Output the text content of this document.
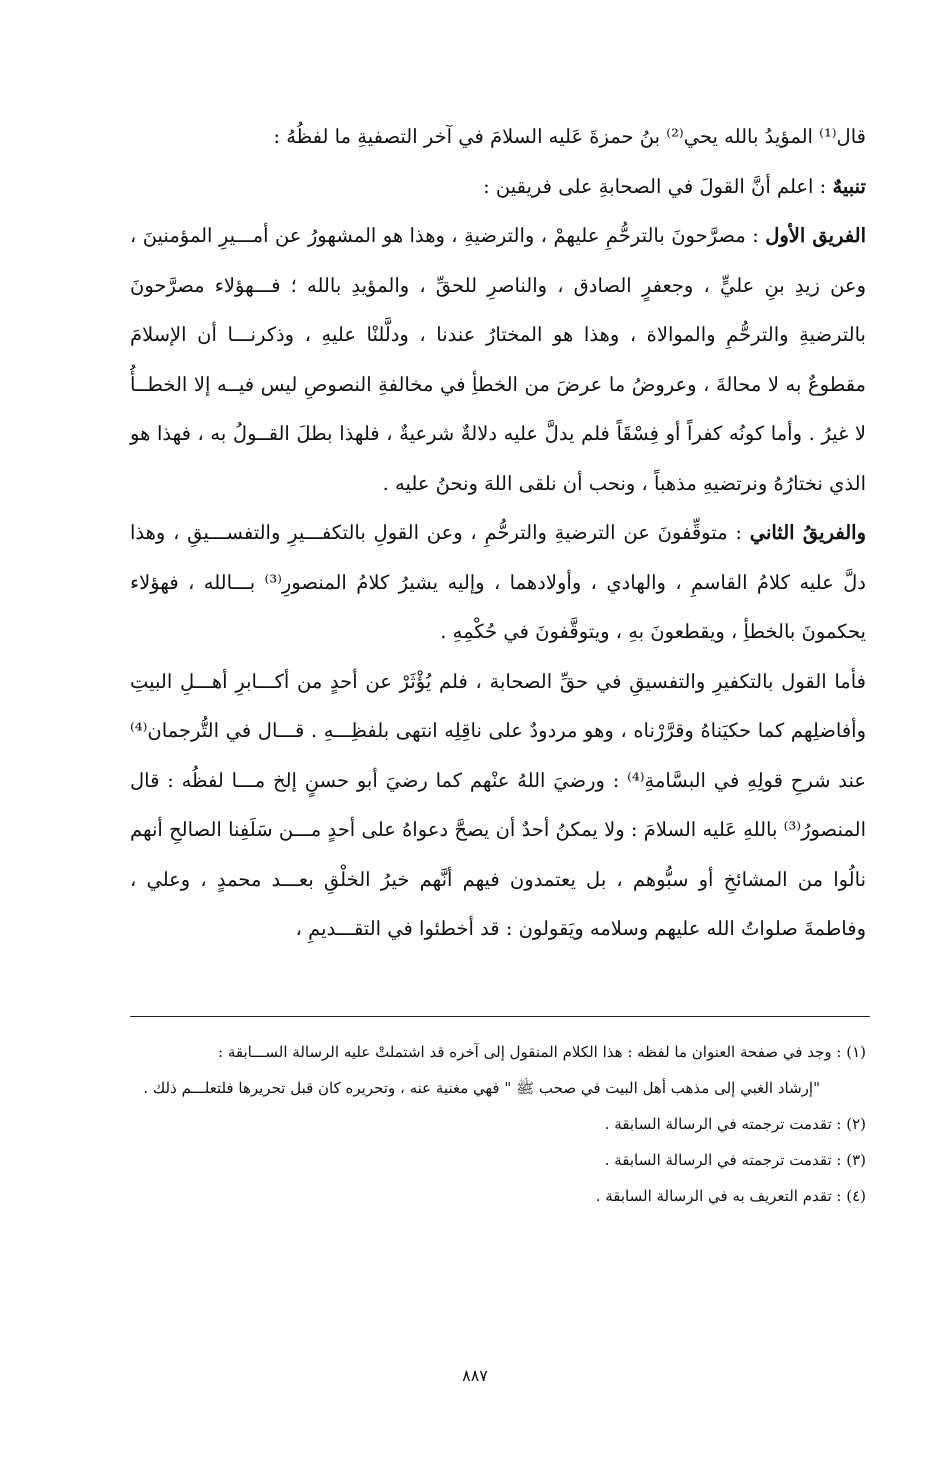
قال⁽¹⁾ المؤيدُ بالله يحي⁽²⁾ بنُ حمزةَ عَليه السلامَ في آخر التصفيةِ ما لفظُهُ :

تنبيهٌ : اعلم أنَّ القولَ في الصحابةِ على فريقين :

الفريق الأول : مصرَّحونَ بالترحُّمِ عليهمْ ، والترضيةِ ، وهذا هو المشهورُ عن أمـــيرِ المؤمنينَ ، وعن زيدِ بنِ عليٍّ ، وجعفرٍ الصادق ، والناصرِ للحقِّ ، والمؤيدِ بالله ؛ فـــهؤلاء مصرَّحونَ بالترضيةِ والترحُّمِ والموالاة ، وهذا هو المختارُ عندنا ، ودلَّلنْا عليهِ ، وذكرنـــا أن الإسلامَ مقطوعٌ به لا محالةَ ، وعروضُ ما عرضَ من الخطأِ في مخالفةِ النصوصِ ليس فيــه إلا الخطــأُ لا غيرُ . وأما كونُه كفراً أو فِسْقَاً فلم يدلَّ عليه دلالةٌ شرعيةٌ ، فلهذا بطلَ القــولُ به ، فهذا هو الذي نختارُهُ ونرتضيهِ مذهباً ، ونحب أن نلقى اللهَ ونحنُ عليه .

والفريقُ الثاني : متوقِّفونَ عن الترضيةِ والترحُّمِ ، وعن القولِ بالتكفـــيرِ والتفســـيقِ ، وهذا دلَّ عليه كلامُ القاسمِ ، والهادي ، وأولادهما ، وإليه يشيرُ كلامُ المنصورِ⁽³⁾ بـــالله ، فهؤلاء يحكمونَ بالخطأِ ، ويقطعونَ بهِ ، ويتوقَّفونَ في حُكْمِهِ .

فأما القول بالتكفيرِ والتفسيقِ في حقِّ الصحابة ، فلم يُؤْثَرْ عن أحدٍ من أكـــابرِ أهـــلِ البيتِ وأفاضلِهم كما حكيَناهُ وقرَّرْناه ، وهو مردودٌ على ناقِلِه انتهى بلفظِـــهِ . قـــال في التُّرجمان⁽⁴⁾ عند شرحِ قولِهِ في البسَّامةِ⁽⁴⁾ : ورضيَ اللهُ عنْهم كما رضيَ أبو حسنٍ إلخ مـــا لفظُه : قال المنصورُ⁽³⁾ باللهِ عَليه السلامَ : ولا يمكنُ أحدٌ أن يصحَّ دعواهُ على أحدٍ مـــن سَلَفِنا الصالحِ أنهم نالُوا من المشائخِ أو سبُّوهم ، بل يعتمدون فيهم أنَّهم خيرُ الخلْقِ بعـــد محمدٍ ، وعلي ، وفاطمةَ صلواتُ الله عليهم وسلامه ويَقولون : قد أخطئوا في التقـــديمِ ،

(١) : وجد في صفحة العنوان ما لفظه : هذا الكلام المنقول إلى آخره قد اشتملتْ عليه الرسالة الســـابقة :

"إرشاد الغبي إلى مذهب أهل البيت في صحب ﷺ " فهي مغنية عنه ، وتحريره كان قبل تحريرها فلتعلـــم ذلك .

(٢) : تقدمت ترجمته في الرسالة السابقة .

(٣) : تقدمت ترجمته في الرسالة السابقة .

(٤) : تقدم التعريف به في الرسالة السابقة .

٨٨٧
